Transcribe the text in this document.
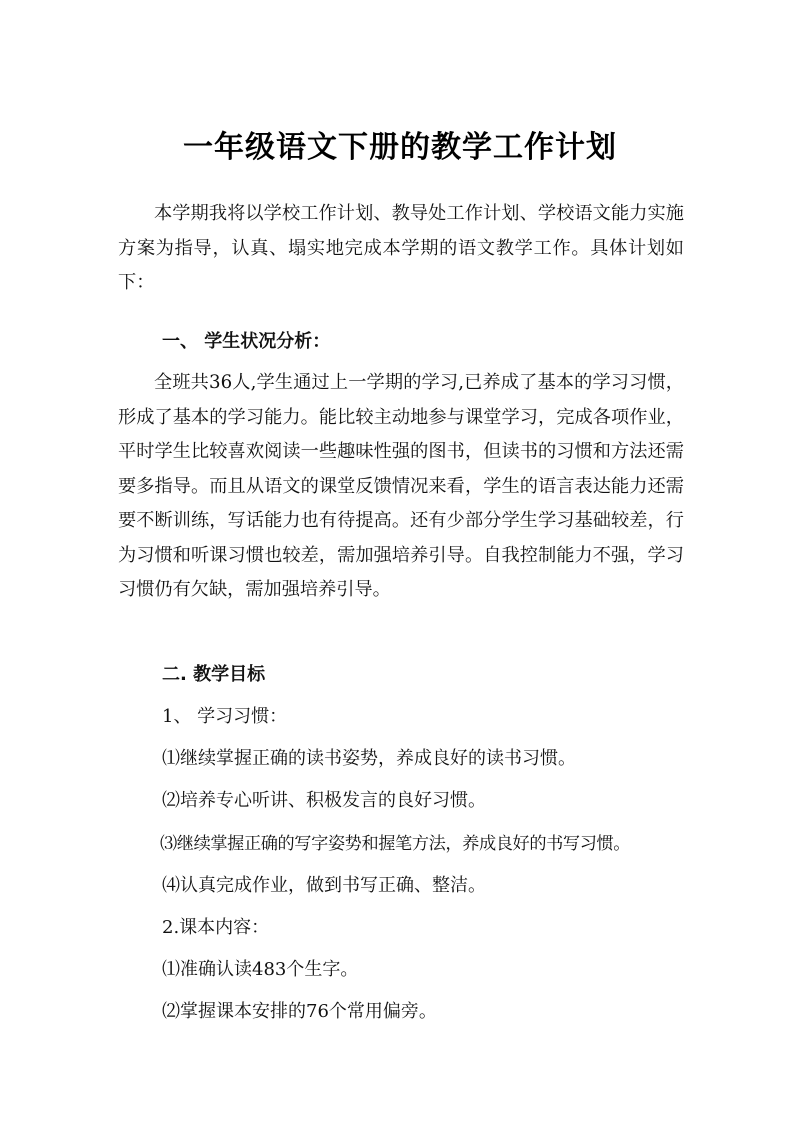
一年级语文下册的教学工作计划

本学期我将以学校工作计划、教导处工作计划、学校语文能力实施方案为指导，认真、塌实地完成本学期的语文教学工作。具体计划如下：

一、 学生状况分析：

全班共36人,学生通过上一学期的学习,已养成了基本的学习习惯，形成了基本的学习能力。能比较主动地参与课堂学习，完成各项作业，平时学生比较喜欢阅读一些趣味性强的图书，但读书的习惯和方法还需要多指导。而且从语文的课堂反馈情况来看，学生的语言表达能力还需要不断训练，写话能力也有待提高。还有少部分学生学习基础较差，行为习惯和听课习惯也较差，需加强培养引导。自我控制能力不强，学习习惯仍有欠缺，需加强培养引导。

二. 教学目标

1、 学习习惯：

⑴继续掌握正确的读书姿势，养成良好的读书习惯。

⑵培养专心听讲、积极发言的良好习惯。

⑶继续掌握正确的写字姿势和握笔方法，养成良好的书写习惯。

⑷认真完成作业，做到书写正确、整洁。

2.课本内容：

⑴准确认读483个生字。

⑵掌握课本安排的76个常用偏旁。
